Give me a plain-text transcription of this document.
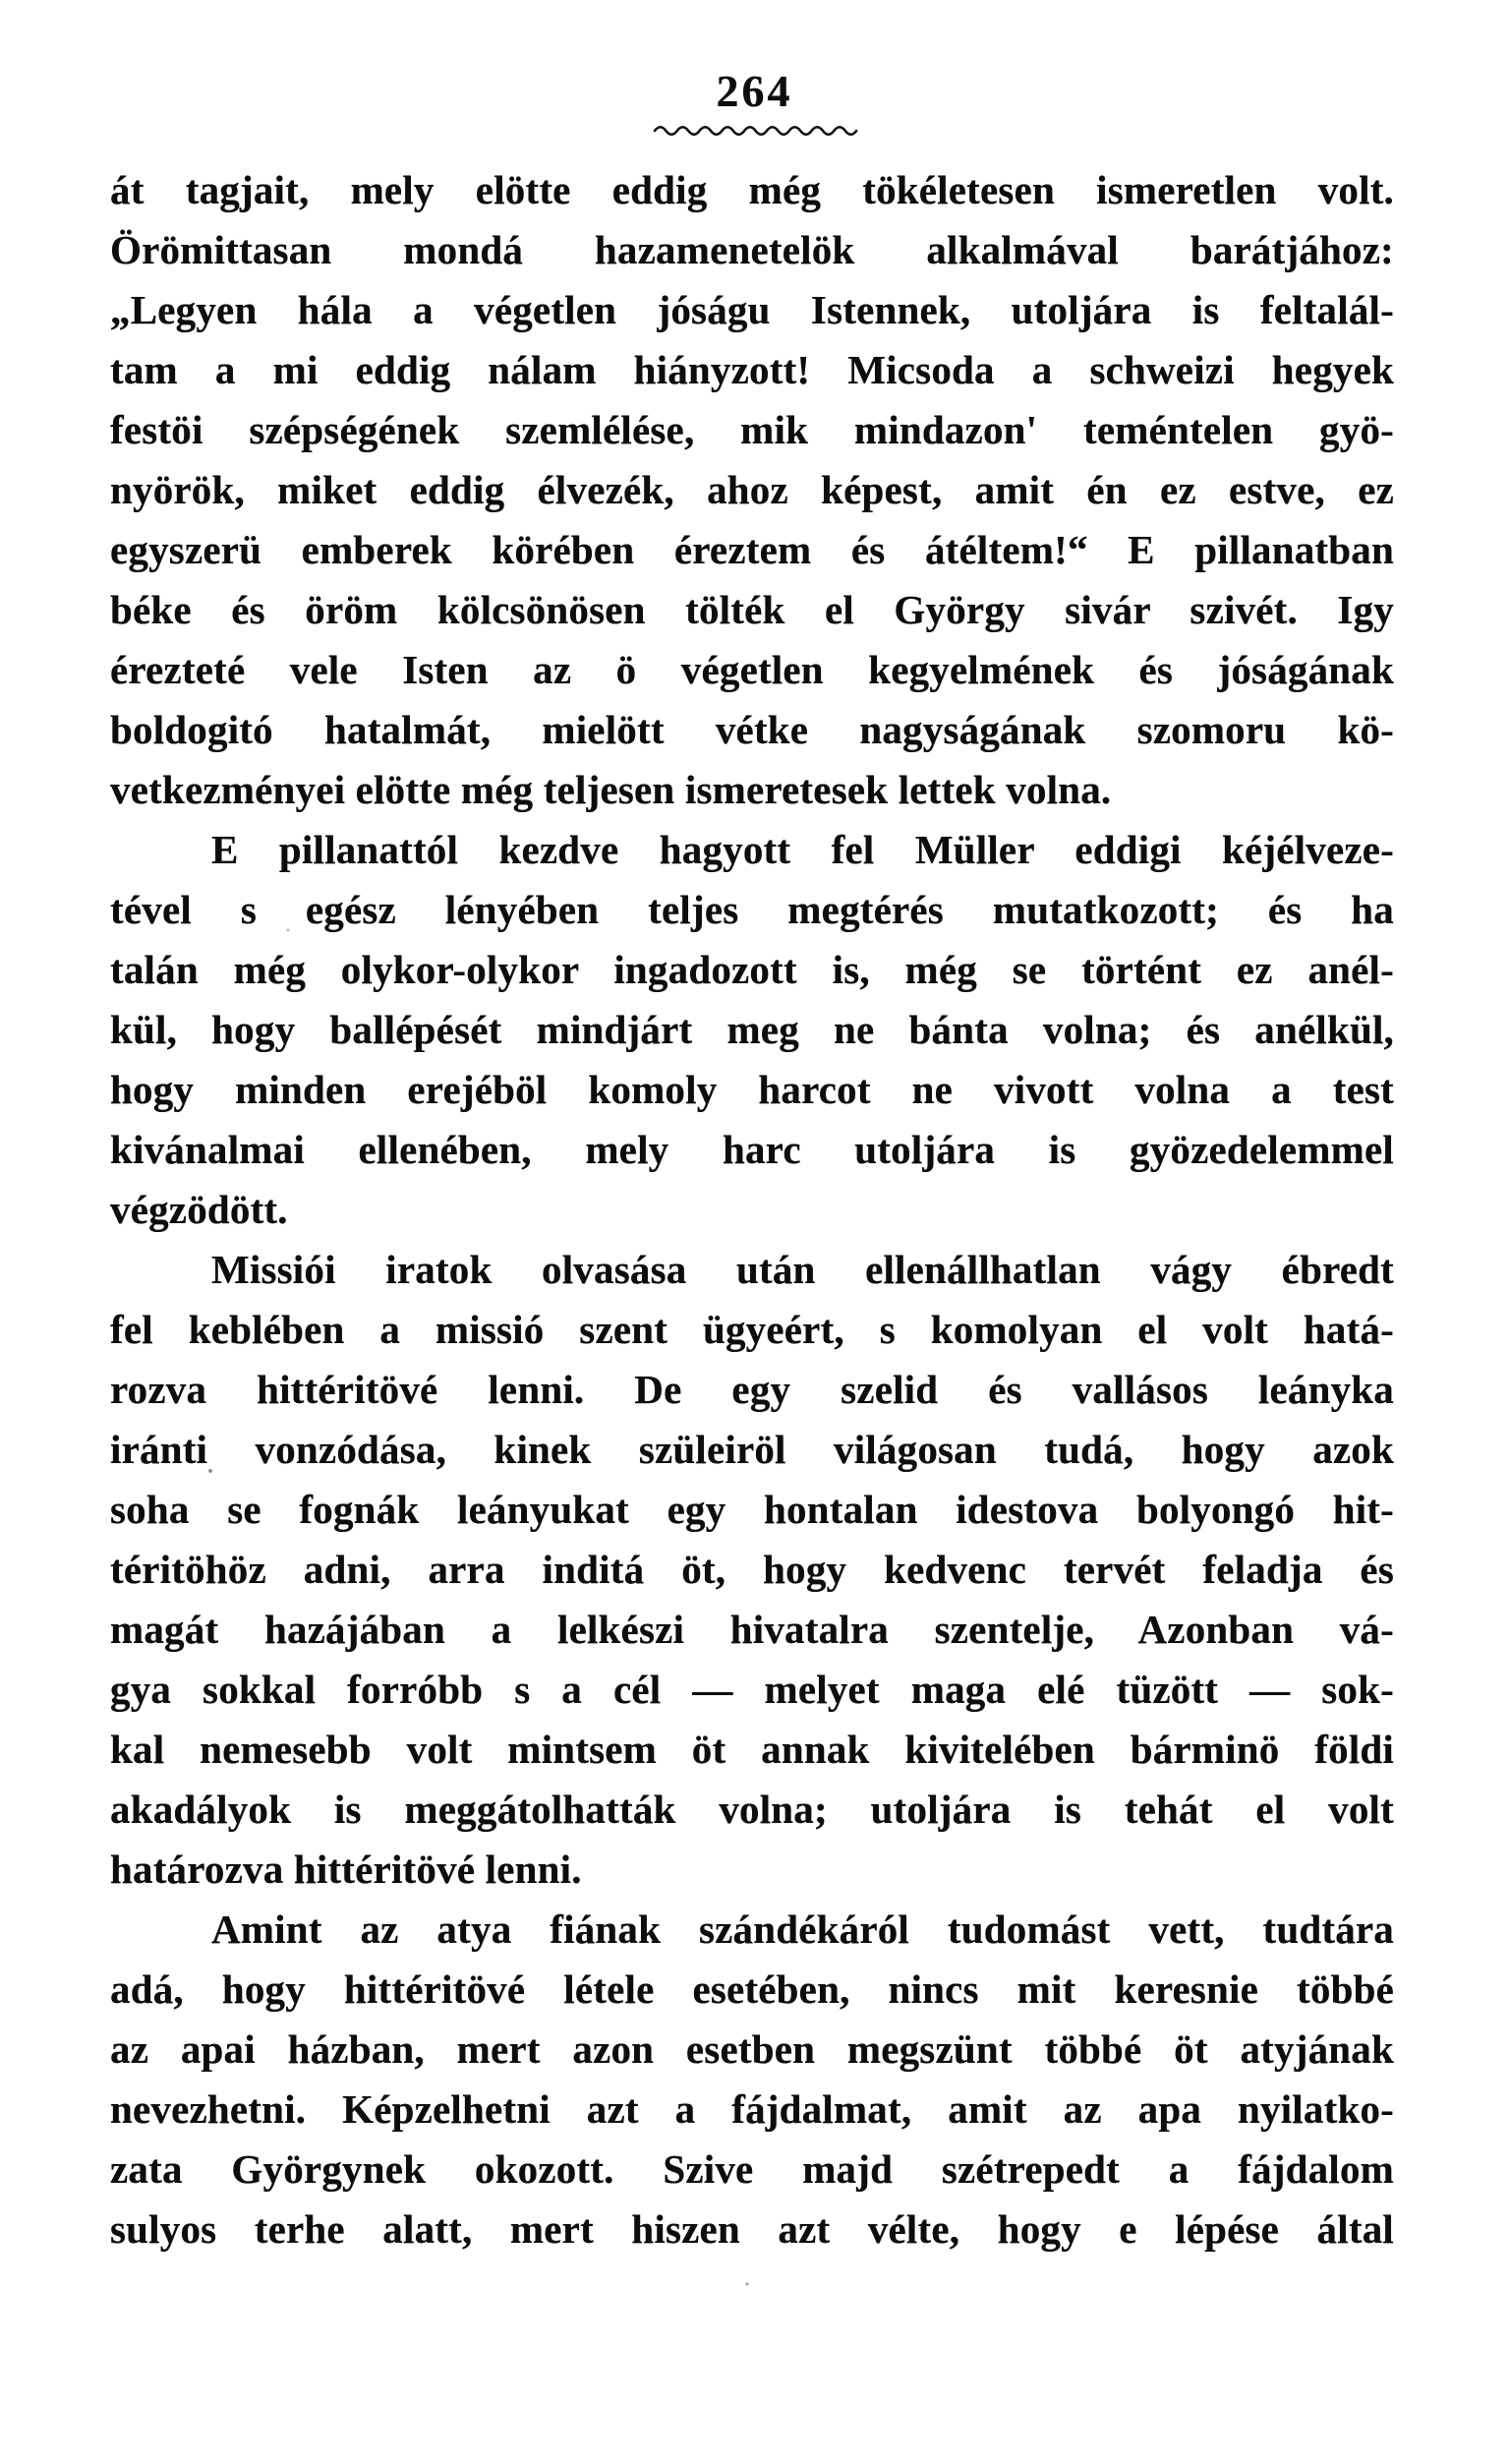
264
át tagjait, mely elötte eddig még tökéletesen ismeretlen volt.
Örömittasan mondá hazamenetelök alkalmával barátjához:
„Legyen hála a végetlen jóságu Istennek, utoljára is feltalál-
tam a mi eddig nálam hiányzott! Micsoda a schweizi hegyek
festöi szépségének szemlélése, mik mindazon' teméntelen gyö-
nyörök, miket eddig élvezék, ahoz képest, amit én ez estve, ez
egyszerü emberek körében éreztem és átéltem!“ E pillanatban
béke és öröm kölcsönösen tölték el György sivár szivét. Igy
érezteté vele Isten az ö végetlen kegyelmének és jóságának
boldogitó hatalmát, mielött vétke nagyságának szomoru kö-
vetkezményei elötte még teljesen ismeretesek lettek volna.
E pillanattól kezdve hagyott fel Müller eddigi kéjélveze-
tével s egész lényében teljes megtérés mutatkozott; és ha
talán még olykor-olykor ingadozott is, még se történt ez anél-
kül, hogy ballépését mindjárt meg ne bánta volna; és anélkül,
hogy minden erejéböl komoly harcot ne vivott volna a test
kivánalmai ellenében, mely harc utoljára is gyözedelemmel
végzödött.
Missiói iratok olvasása után ellenállhatlan vágy ébredt
fel keblében a missió szent ügyeért, s komolyan el volt hatá-
rozva hittéritövé lenni. De egy szelid és vallásos leányka
iránti vonzódása, kinek szüleiröl világosan tudá, hogy azok
soha se fognák leányukat egy hontalan idestova bolyongó hit-
téritöhöz adni, arra inditá öt, hogy kedvenc tervét feladja és
magát hazájában a lelkészi hivatalra szentelje, Azonban vá-
gya sokkal forróbb s a cél — melyet maga elé tüzött — sok-
kal nemesebb volt mintsem öt annak kivitelében bárminö földi
akadályok is meggátolhatták volna; utoljára is tehát el volt
határozva hittéritövé lenni.
Amint az atya fiának szándékáról tudomást vett, tudtára
adá, hogy hittéritövé létele esetében, nincs mit keresnie többé
az apai házban, mert azon esetben megszünt többé öt atyjának
nevezhetni. Képzelhetni azt a fájdalmat, amit az apa nyilatko-
zata Györgynek okozott. Szive majd szétrepedt a fájdalom
sulyos terhe alatt, mert hiszen azt vélte, hogy e lépése által
